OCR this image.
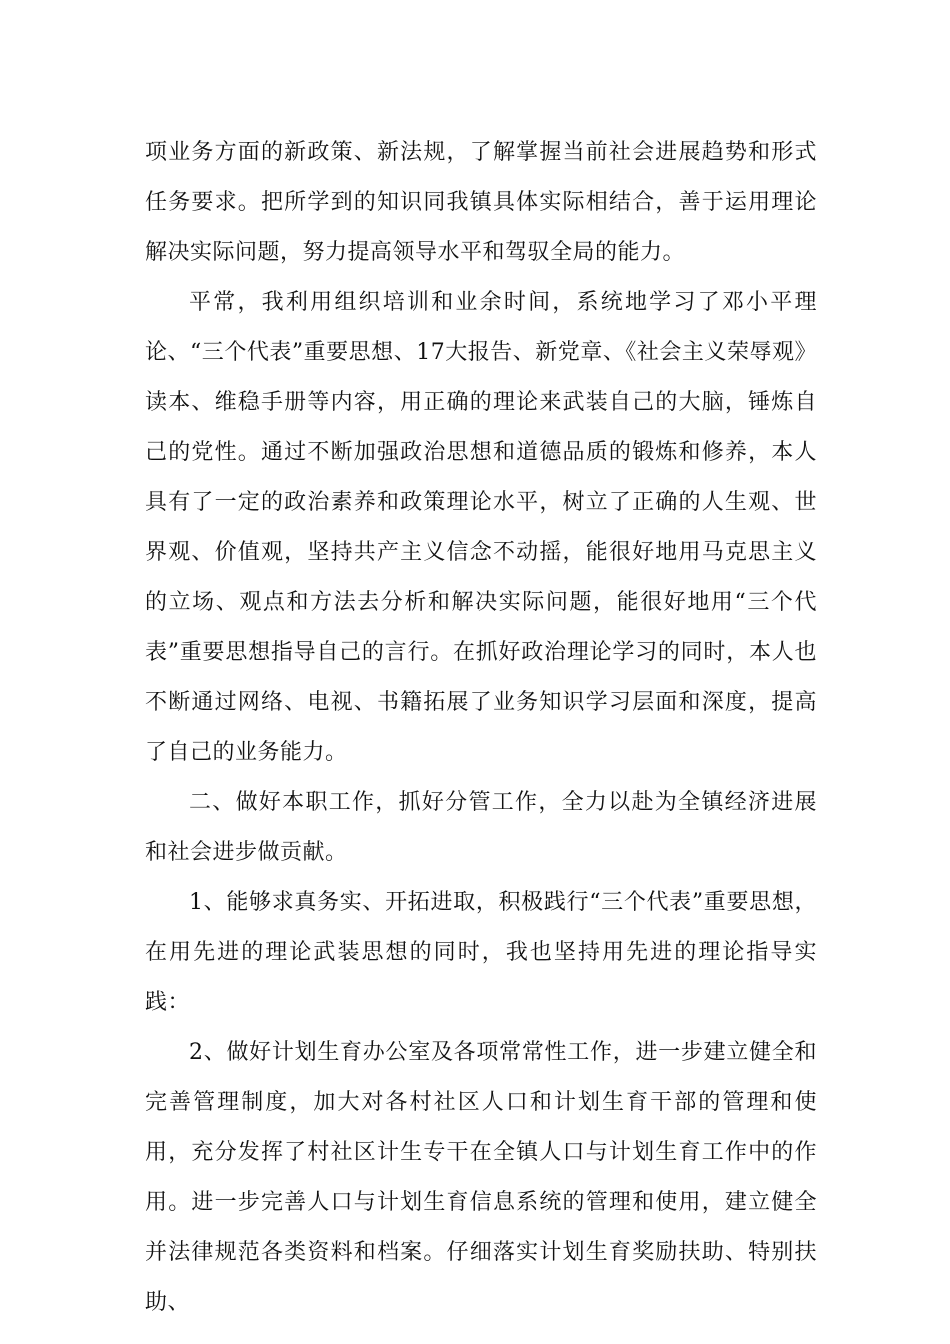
项业务方面的新政策、新法规，了解掌握当前社会进展趋势和形式任务要求。把所学到的知识同我镇具体实际相结合，善于运用理论解决实际问题，努力提高领导水平和驾驭全局的能力。

平常，我利用组织培训和业余时间，系统地学习了邓小平理论、“三个代表”重要思想、17大报告、新党章、《社会主义荣辱观》读本、维稳手册等内容，用正确的理论来武装自己的大脑，锤炼自己的党性。通过不断加强政治思想和道德品质的锻炼和修养，本人具有了一定的政治素养和政策理论水平，树立了正确的人生观、世界观、价值观，坚持共产主义信念不动摇，能很好地用马克思主义的立场、观点和方法去分析和解决实际问题，能很好地用“三个代表”重要思想指导自己的言行。在抓好政治理论学习的同时，本人也不断通过网络、电视、书籍拓展了业务知识学习层面和深度，提高了自己的业务能力。

二、做好本职工作，抓好分管工作，全力以赴为全镇经济进展和社会进步做贡献。

1、能够求真务实、开拓进取，积极践行“三个代表”重要思想，在用先进的理论武装思想的同时，我也坚持用先进的理论指导实践：

2、做好计划生育办公室及各项常常性工作，进一步建立健全和完善管理制度，加大对各村社区人口和计划生育干部的管理和使用，充分发挥了村社区计生专干在全镇人口与计划生育工作中的作用。进一步完善人口与计划生育信息系统的管理和使用，建立健全并法律规范各类资料和档案。仔细落实计划生育奖励扶助、特别扶助、
